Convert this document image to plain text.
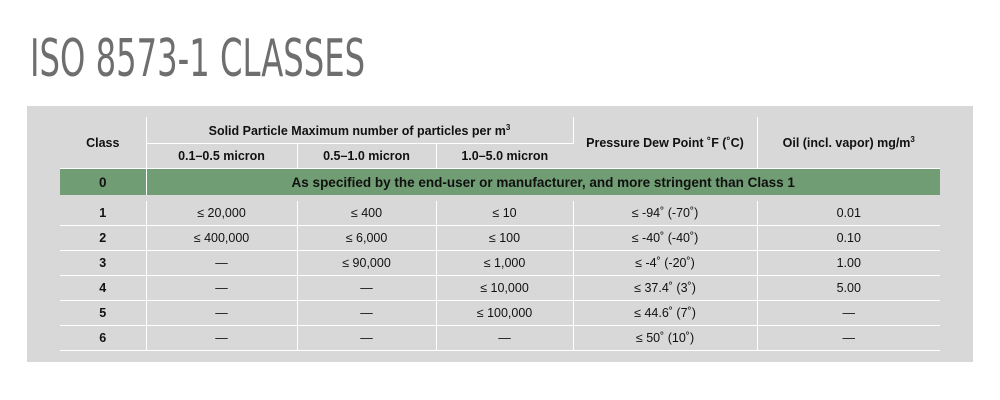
ISO 8573-1 CLASSES
Class	Solid Particle Maximum number of particles per $m^3$			Pressure Dew Point ˚F (˚C)	Oil (incl. vapor) $mg/m^3$
	0.1–0.5 micron	0.5–1.0 micron	1.0–5.0 micron		
0	As specified by the end-user or manufacturer, and more stringent than Class 1				
1	≤ 20,000	≤ 400	≤ 10	≤ -94˚ (-70˚)	0.01
2	≤ 400,000	≤ 6,000	≤ 100	≤ -40˚ (-40˚)	0.10
3	—	≤ 90,000	≤ 1,000	≤ -4˚ (-20˚)	1.00
4	—	—	≤ 10,000	≤ 37.4˚ (3˚)	5.00
5	—	—	≤ 100,000	≤ 44.6˚ (7˚)	—
6	—	—	—	≤ 50˚ (10˚)	—
